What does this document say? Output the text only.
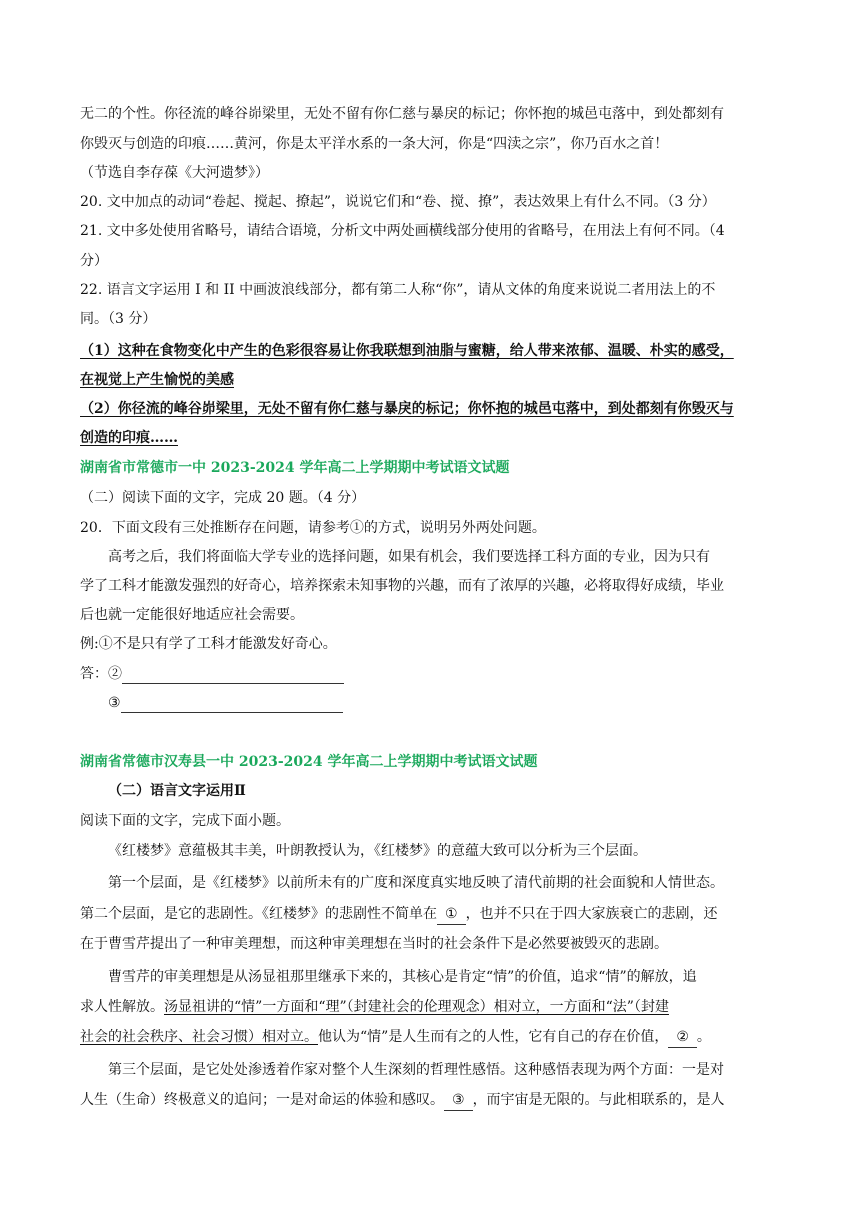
无二的个性。你径流的峰谷峁梁里，无处不留有你仁慈与暴戾的标记；你怀抱的城邑屯落中，到处都刻有
你毁灭与创造的印痕……黄河，你是太平洋水系的一条大河，你是“四渎之宗”，你乃百水之首！
（节选自李存葆《大河遗梦》）
20. 文中加点的动词“卷起、搅起、撩起”，说说它们和“卷、搅、撩”，表达效果上有什么不同。（3 分）
21. 文中多处使用省略号，请结合语境，分析文中两处画横线部分使用的省略号，在用法上有何不同。（4
分）
22. 语言文字运用 I 和 II 中画波浪线部分，都有第二人称“你”，请从文体的角度来说说二者用法上的不
同。（3 分）
（1）这种在食物变化中产生的色彩很容易让你我联想到油脂与蜜糖，给人带来浓郁、温暖、朴实的感受，
在视觉上产生愉悦的美感
（2）你径流的峰谷峁梁里，无处不留有你仁慈与暴戾的标记；你怀抱的城邑屯落中，到处都刻有你毁灭与
创造的印痕……
湖南省市常德市一中 2023-2024 学年高二上学期期中考试语文试题
（二）阅读下面的文字，完成 20 题。（4 分）
20．下面文段有三处推断存在问题，请参考①的方式，说明另外两处问题。
高考之后，我们将面临大学专业的选择问题，如果有机会，我们要选择工科方面的专业，因为只有
学了工科才能激发强烈的好奇心，培养探索未知事物的兴趣，而有了浓厚的兴趣，必将取得好成绩，毕业
后也就一定能很好地适应社会需要。
例:①不是只有学了工科才能激发好奇心。
答：②
③
湖南省常德市汉寿县一中 2023-2024 学年高二上学期期中考试语文试题
（二）语言文字运用Ⅱ
阅读下面的文字，完成下面小题。
《红楼梦》意蕴极其丰美，叶朗教授认为，《红楼梦》的意蕴大致可以分析为三个层面。
第一个层面，是《红楼梦》以前所未有的广度和深度真实地反映了清代前期的社会面貌和人情世态。
第二个层面，是它的悲剧性。《红楼梦》的悲剧性不简单在 ① ，也并不只在于四大家族衰亡的悲剧，还
在于曹雪芹提出了一种审美理想，而这种审美理想在当时的社会条件下是必然要被毁灭的悲剧。
曹雪芹的审美理想是从汤显祖那里继承下来的，其核心是肯定“情”的价值，追求“情”的解放，追
求人性解放。汤显祖讲的“情”一方面和“理”（封建社会的伦理观念）相对立，一方面和“法”（封建
社会的社会秩序、社会习惯）相对立。他认为“情”是人生而有之的人性，它有自己的存在价值， ② 。
第三个层面，是它处处渗透着作家对整个人生深刻的哲理性感悟。这种感悟表现为两个方面：一是对
人生（生命）终极意义的追问；一是对命运的体验和感叹。 ③ ，而宇宙是无限的。与此相联系的，是人
